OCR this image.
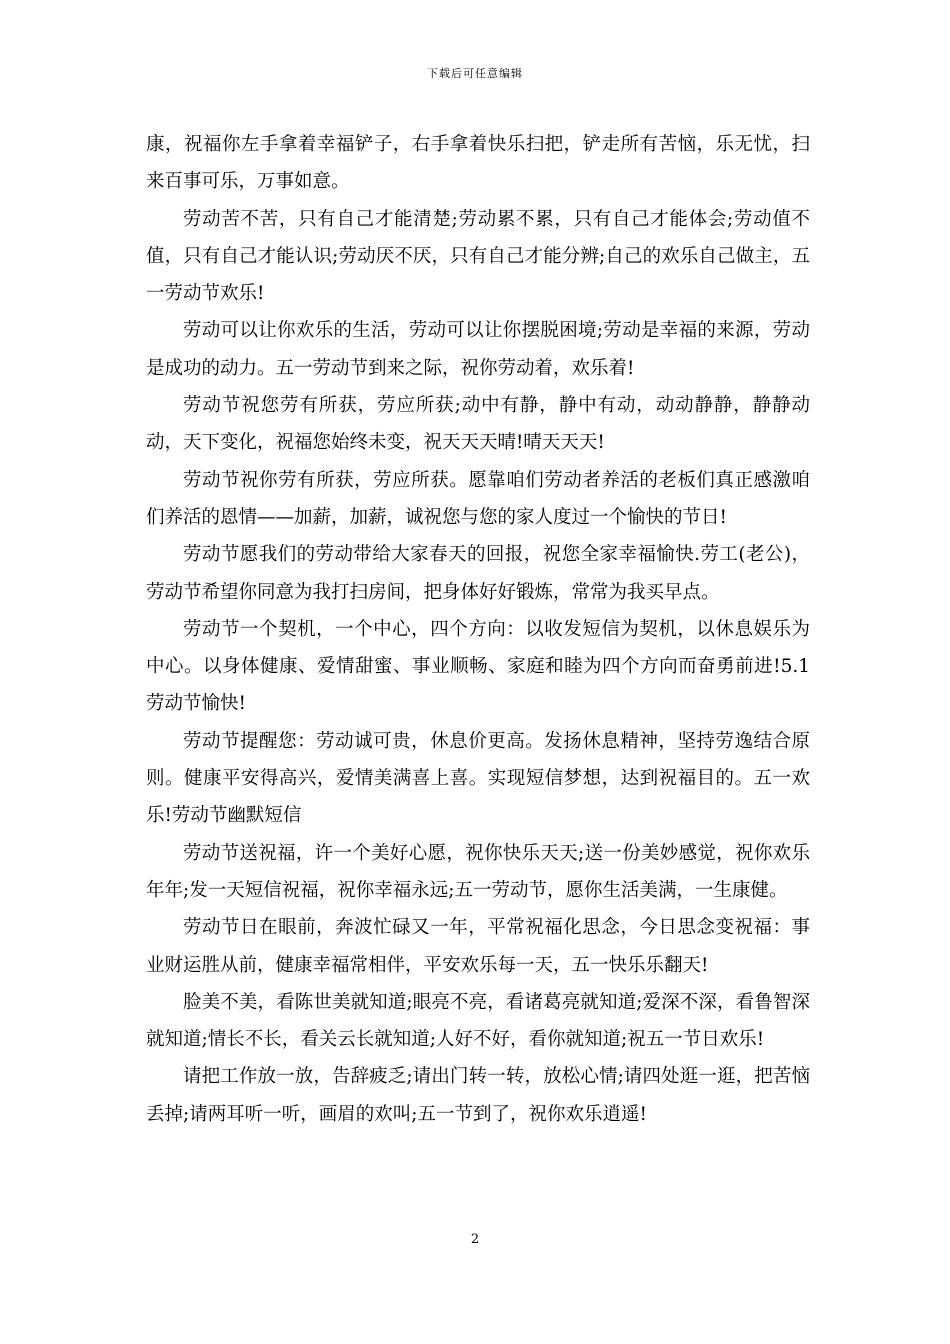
下载后可任意编辑

康，祝福你左手拿着幸福铲子，右手拿着快乐扫把，铲走所有苦恼，乐无忧，扫来百事可乐，万事如意。

劳动苦不苦，只有自己才能清楚;劳动累不累，只有自己才能体会;劳动值不值，只有自己才能认识;劳动厌不厌，只有自己才能分辨;自己的欢乐自己做主，五一劳动节欢乐!

劳动可以让你欢乐的生活，劳动可以让你摆脱困境;劳动是幸福的来源，劳动是成功的动力。五一劳动节到来之际，祝你劳动着，欢乐着!

劳动节祝您劳有所获，劳应所获;动中有静，静中有动，动动静静，静静动动，天下变化，祝福您始终未变，祝天天天晴!晴天天天!

劳动节祝你劳有所获，劳应所获。愿靠咱们劳动者养活的老板们真正感激咱们养活的恩情——加薪，加薪，诚祝您与您的家人度过一个愉快的节日!

劳动节愿我们的劳动带给大家春天的回报，祝您全家幸福愉快.劳工(老公)，劳动节希望你同意为我打扫房间，把身体好好锻炼，常常为我买早点。

劳动节一个契机，一个中心，四个方向：以收发短信为契机，以休息娱乐为中心。以身体健康、爱情甜蜜、事业顺畅、家庭和睦为四个方向而奋勇前进!5.1劳动节愉快!

劳动节提醒您：劳动诚可贵，休息价更高。发扬休息精神，坚持劳逸结合原则。健康平安得高兴，爱情美满喜上喜。实现短信梦想，达到祝福目的。五一欢乐!劳动节幽默短信

劳动节送祝福，许一个美好心愿，祝你快乐天天;送一份美妙感觉，祝你欢乐年年;发一天短信祝福，祝你幸福永远;五一劳动节，愿你生活美满，一生康健。

劳动节日在眼前，奔波忙碌又一年，平常祝福化思念，今日思念变祝福：事业财运胜从前，健康幸福常相伴，平安欢乐每一天，五一快乐乐翻天!

脸美不美，看陈世美就知道;眼亮不亮，看诸葛亮就知道;爱深不深，看鲁智深就知道;情长不长，看关云长就知道;人好不好，看你就知道;祝五一节日欢乐!

请把工作放一放，告辞疲乏;请出门转一转，放松心情;请四处逛一逛，把苦恼丢掉;请两耳听一听，画眉的欢叫;五一节到了，祝你欢乐逍遥!

2
